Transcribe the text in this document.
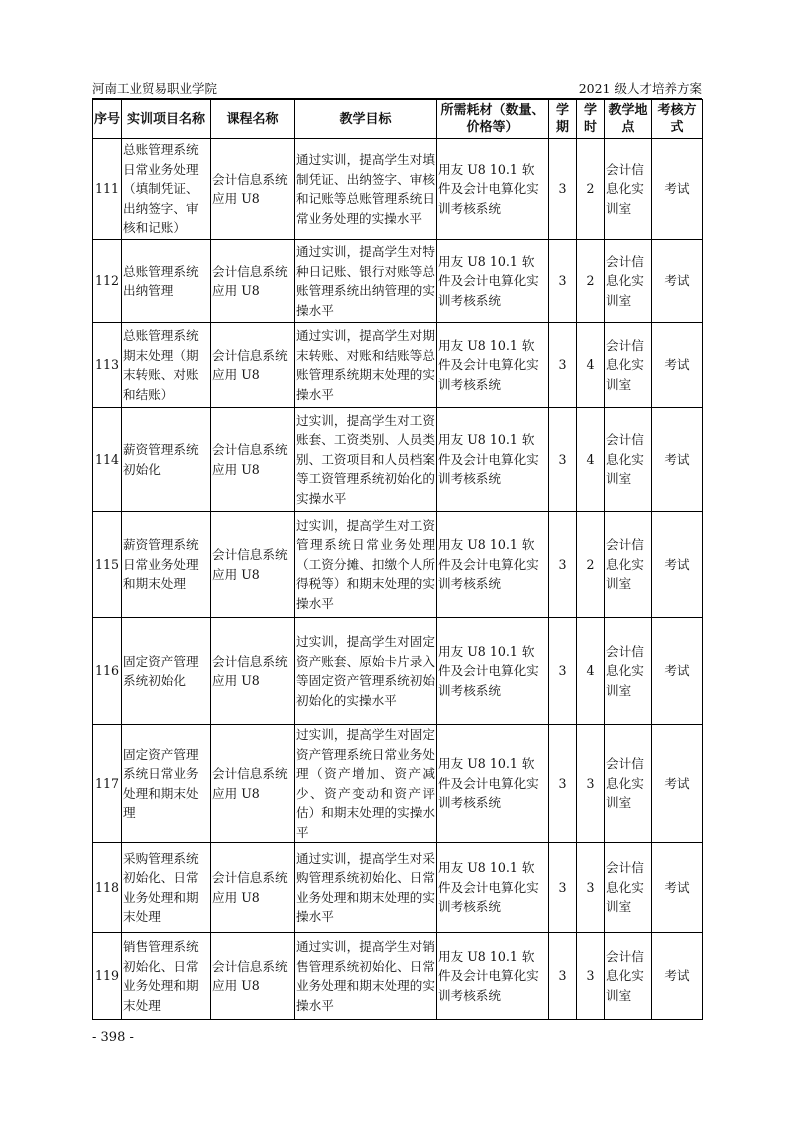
河南工业贸易职业学院	2021 级人才培养方案
序号	实训项目名称	课程名称	教学目标	所需耗材（数量、价格等）	学期	学时	教学地点	考核方式
111	总账管理系统日常业务处理（填制凭证、出纳签字、审核和记账）	会计信息系统应用 U8	通过实训，提高学生对填制凭证、出纳签字、审核和记账等总账管理系统日常业务处理的实操水平	用友 U8 10.1 软件及会计电算化实训考核系统	3	2	会计信息化实训室	考试
112	总账管理系统出纳管理	会计信息系统应用 U8	通过实训，提高学生对特种日记账、银行对账等总账管理系统出纳管理的实操水平	用友 U8 10.1 软件及会计电算化实训考核系统	3	2	会计信息化实训室	考试
113	总账管理系统期末处理（期末转账、对账和结账）	会计信息系统应用 U8	通过实训，提高学生对期末转账、对账和结账等总账管理系统期末处理的实操水平	用友 U8 10.1 软件及会计电算化实训考核系统	3	4	会计信息化实训室	考试
114	薪资管理系统初始化	会计信息系统应用 U8	过实训，提高学生对工资账套、工资类别、人员类别、工资项目和人员档案等工资管理系统初始化的实操水平	用友 U8 10.1 软件及会计电算化实训考核系统	3	4	会计信息化实训室	考试
115	薪资管理系统日常业务处理和期末处理	会计信息系统应用 U8	过实训，提高学生对工资管理系统日常业务处理（工资分摊、扣缴个人所得税等）和期末处理的实操水平	用友 U8 10.1 软件及会计电算化实训考核系统	3	2	会计信息化实训室	考试
116	固定资产管理系统初始化	会计信息系统应用 U8	过实训，提高学生对固定资产账套、原始卡片录入等固定资产管理系统初始初始化的实操水平	用友 U8 10.1 软件及会计电算化实训考核系统	3	4	会计信息化实训室	考试
117	固定资产管理系统日常业务处理和期末处理	会计信息系统应用 U8	过实训，提高学生对固定资产管理系统日常业务处理（资产增加、资产减少、资产变动和资产评估）和期末处理的实操水平	用友 U8 10.1 软件及会计电算化实训考核系统	3	3	会计信息化实训室	考试
118	采购管理系统初始化、日常业务处理和期末处理	会计信息系统应用 U8	通过实训，提高学生对采购管理系统初始化、日常业务处理和期末处理的实操水平	用友 U8 10.1 软件及会计电算化实训考核系统	3	3	会计信息化实训室	考试
119	销售管理系统初始化、日常业务处理和期末处理	会计信息系统应用 U8	通过实训，提高学生对销售管理系统初始化、日常业务处理和期末处理的实操水平	用友 U8 10.1 软件及会计电算化实训考核系统	3	3	会计信息化实训室	考试
- 398 -
